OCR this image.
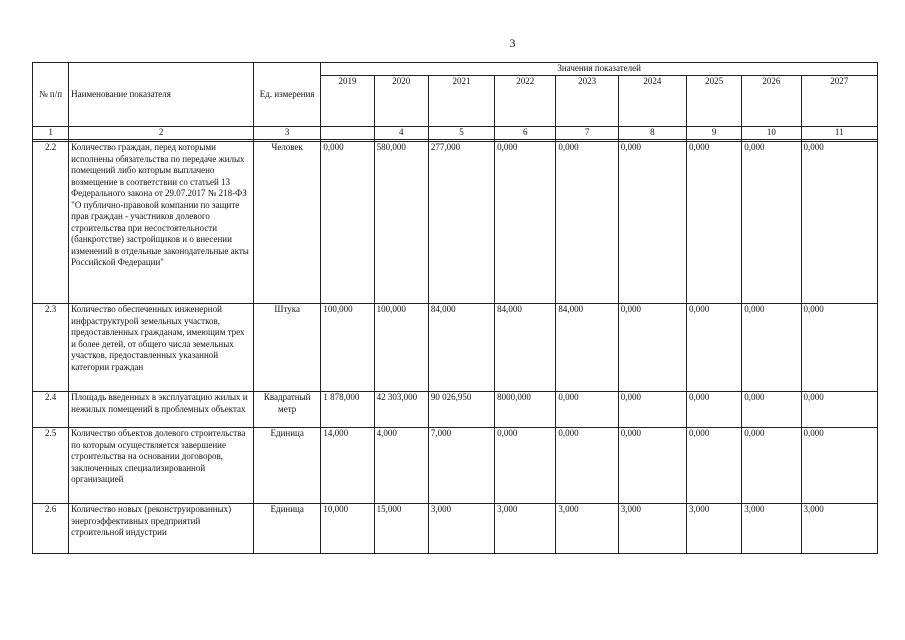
3
№ п/п	Наименование показателя	Ед. измерения	Значения показателей								
			2019	2020	2021	2022	2023	2024	2025	2026	2027
1	2	3		4	5	6	7	8	9	10	11

2.2	Количество граждан, перед которыми исполнены обязательства по передаче жилых помещений либо которым выплачено возмещение в соответствии со статьей 13 Федерального закона от 29.07.2017 № 218-ФЗ "О публично-правовой компании по защите прав граждан - участников долевого строительства при несостоятельности (банкротстве) застройщиков и о внесении изменений в отдельные законодательные акты Российской Федерации"	Человек	0,000	580,000	277,000	0,000	0,000	0,000	0,000	0,000	0,000
2.3	Количество обеспеченных инженерной инфраструктурой земельных участков, предоставленных гражданам, имеющим трех и более детей, от общего числа земельных участков, предоставленных указанной категории граждан	Штука	100,000	100,000	84,000	84,000	84,000	0,000	0,000	0,000	0,000
2.4	Площадь введенных в эксплуатацию жилых и нежилых помещений в проблемных объектах	Квадратный метр	1 878,000	42 303,000	90 026,950	8000,000	0,000	0,000	0,000	0,000	0,000
2.5	Количество объектов долевого строительства по которым осуществляется завершение строительства на основании договоров, заключенных специализированной организацией	Единица	14,000	4,000	7,000	0,000	0,000	0,000	0,000	0,000	0,000
2.6	Количество новых (реконструированных) энергоэффективных предприятий строительной индустрии	Единица	10,000	15,000	3,000	3,000	3,000	3,000	3,000	3,000	3,000
